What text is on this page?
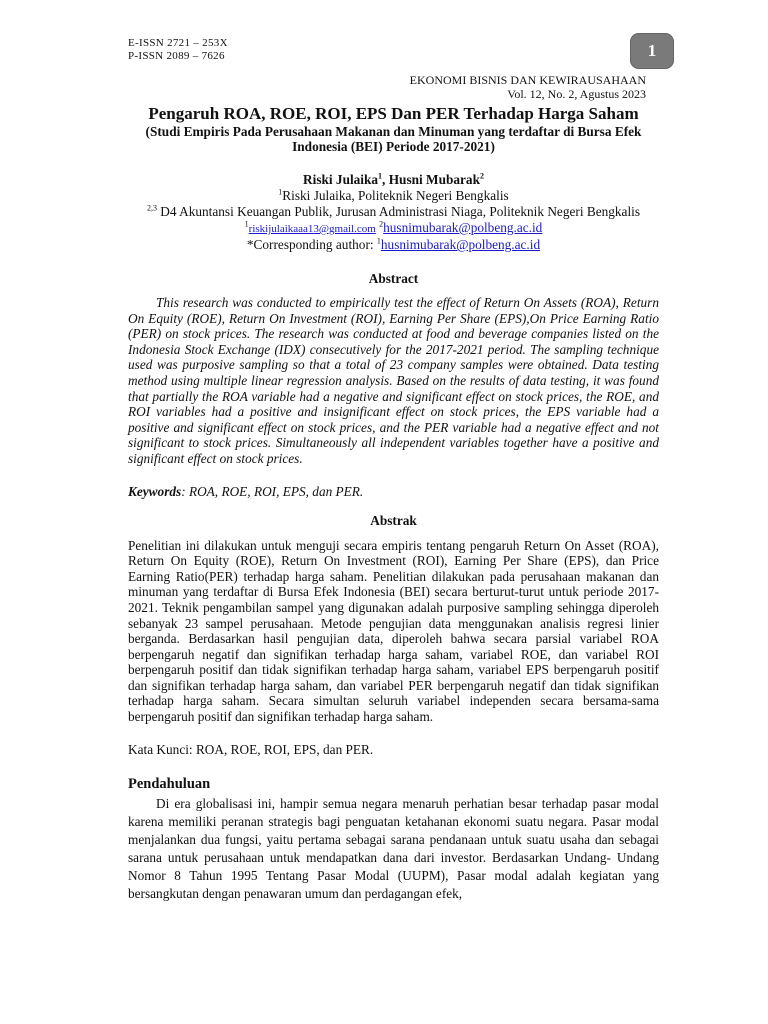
E-ISSN 2721 – 253X
P-ISSN 2089 – 7626	1
EKONOMI BISNIS DAN KEWIRAUSAHAAN
Vol. 12, No. 2, Agustus 2023
Pengaruh ROA, ROE, ROI, EPS Dan PER Terhadap Harga Saham
(Studi Empiris Pada Perusahaan Makanan dan Minuman yang terdaftar di Bursa Efek Indonesia (BEI) Periode 2017-2021)
Riski Julaika$^1$, Husni Mubarak$^2$
$^1$Riski Julaika, Politeknik Negeri Bengkalis
$^{2,3}$ D4 Akuntansi Keuangan Publik, Jurusan Administrasi Niaga, Politeknik Negeri Bengkalis
$^1$riskijulaikaaa13@gmail.com $^2$husnimubarak@polbeng.ac.id
*Corresponding author: $^1$husnimubarak@polbeng.ac.id
Abstract
This research was conducted to empirically test the effect of Return On Assets (ROA), Return On Equity (ROE), Return On Investment (ROI), Earning Per Share (EPS),On Price Earning Ratio (PER) on stock prices. The research was conducted at food and beverage companies listed on the Indonesia Stock Exchange (IDX) consecutively for the 2017-2021 period. The sampling technique used was purposive sampling so that a total of 23 company samples were obtained. Data testing method using multiple linear regression analysis. Based on the results of data testing, it was found that partially the ROA variable had a negative and significant effect on stock prices, the ROE, and ROI variables had a positive and insignificant effect on stock prices, the EPS variable had a positive and significant effect on stock prices, and the PER variable had a negative effect and not significant to stock prices. Simultaneously all independent variables together have a positive and significant effect on stock prices.
Keywords: ROA, ROE, ROI, EPS, dan PER.
Abstrak
Penelitian ini dilakukan untuk menguji secara empiris tentang pengaruh Return On Asset (ROA), Return On Equity (ROE), Return On Investment (ROI), Earning Per Share (EPS), dan Price Earning Ratio(PER) terhadap harga saham. Penelitian dilakukan pada perusahaan makanan dan minuman yang terdaftar di Bursa Efek Indonesia (BEI) secara berturut-turut untuk periode 2017-2021. Teknik pengambilan sampel yang digunakan adalah purposive sampling sehingga diperoleh sebanyak 23 sampel perusahaan. Metode pengujian data menggunakan analisis regresi linier berganda. Berdasarkan hasil pengujian data, diperoleh bahwa secara parsial variabel ROA berpengaruh negatif dan signifikan terhadap harga saham, variabel ROE, dan variabel ROI berpengaruh positif dan tidak signifikan terhadap harga saham, variabel EPS berpengaruh positif dan signifikan terhadap harga saham, dan variabel PER berpengaruh negatif dan tidak signifikan terhadap harga saham. Secara simultan seluruh variabel independen secara bersama-sama berpengaruh positif dan signifikan terhadap harga saham.
Kata Kunci: ROA, ROE, ROI, EPS, dan PER.
Pendahuluan
Di era globalisasi ini, hampir semua negara menaruh perhatian besar terhadap pasar modal karena memiliki peranan strategis bagi penguatan ketahanan ekonomi suatu negara. Pasar modal menjalankan dua fungsi, yaitu pertama sebagai sarana pendanaan untuk suatu usaha dan sebagai sarana untuk perusahaan untuk mendapatkan dana dari investor. Berdasarkan Undang- Undang Nomor 8 Tahun 1995 Tentang Pasar Modal (UUPM), Pasar modal adalah kegiatan yang bersangkutan dengan penawaran umum dan perdagangan efek,
